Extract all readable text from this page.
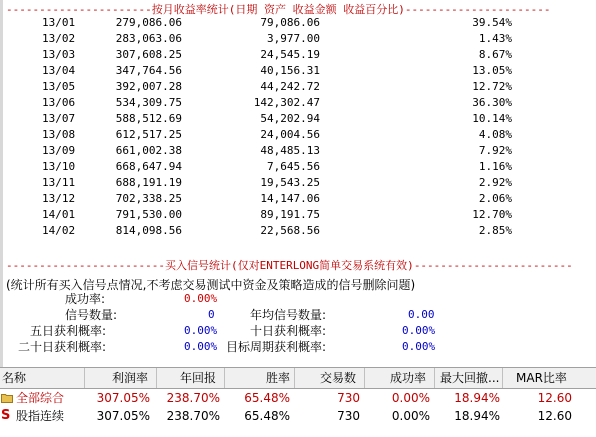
----------------------按月收益率统计(日期 资产 收益金额 收益百分比)----------------------
13/01	279,086.06	79,086.06	39.54%
13/02	283,063.06	3,977.00	1.43%
13/03	307,608.25	24,545.19	8.67%
13/04	347,764.56	40,156.31	13.05%
13/05	392,007.28	44,242.72	12.72%
13/06	534,309.75	142,302.47	36.30%
13/07	588,512.69	54,202.94	10.14%
13/08	612,517.25	24,004.56	4.08%
13/09	661,002.38	48,485.13	7.92%
13/10	668,647.94	7,645.56	1.16%
13/11	688,191.19	19,543.25	2.92%
13/12	702,338.25	14,147.06	2.06%
14/01	791,530.00	89,191.75	12.70%
14/02	814,098.56	22,568.56	2.85%
------------------------买入信号统计(仅对ENTERLONG简单交易系统有效)------------------------
(统计所有买入信号点情况,不考虑交易测试中资金及策略造成的信号删除问题)
成功率:	0.00%
信号数量:	0	年均信号数量:	0.00
五日获利概率:	0.00%	十日获利概率:	0.00%
二十日获利概率:	0.00% 目标周期获利概率:	0.00%
名称	利润率	年回报	胜率 交易数	成功率 最大回撤... MAR比率
全部综合	307.05% 238.70% 65.48%	730	0.00% 18.94%	12.60
S 股指连续	307.05% 238.70% 65.48%	730	0.00% 18.94%	12.60
